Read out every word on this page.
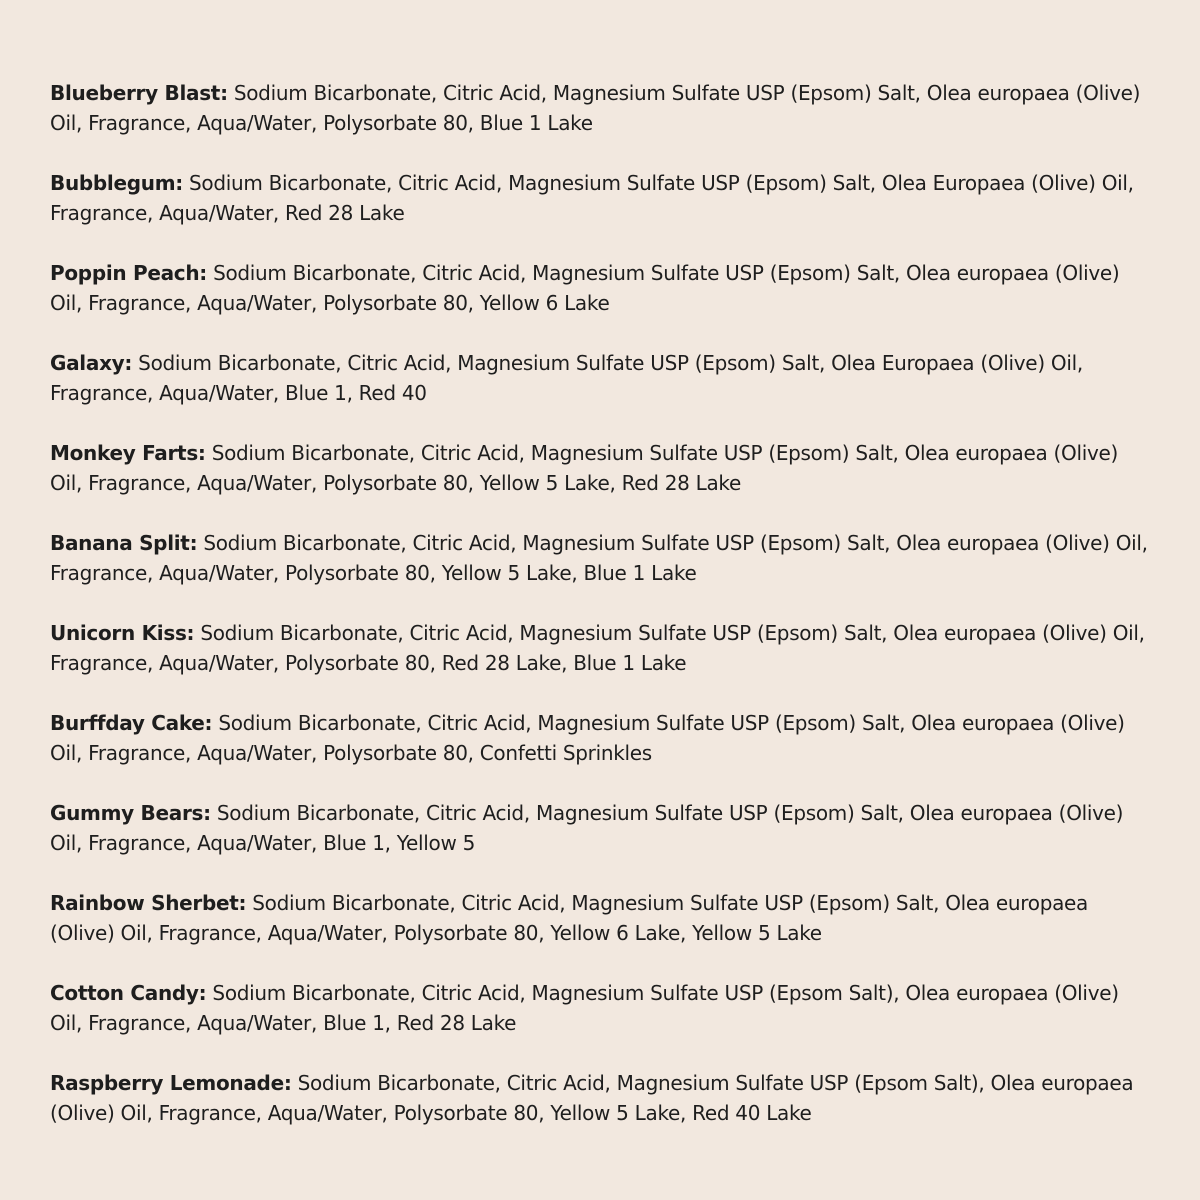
Blueberry Blast: Sodium Bicarbonate, Citric Acid, Magnesium Sulfate USP (Epsom) Salt, Olea europaea (Olive) Oil, Fragrance, Aqua/Water, Polysorbate 80, Blue 1 Lake
Bubblegum: Sodium Bicarbonate, Citric Acid, Magnesium Sulfate USP (Epsom) Salt, Olea Europaea (Olive) Oil, Fragrance, Aqua/Water, Red 28 Lake
Poppin Peach: Sodium Bicarbonate, Citric Acid, Magnesium Sulfate USP (Epsom) Salt, Olea europaea (Olive) Oil, Fragrance, Aqua/Water, Polysorbate 80, Yellow 6 Lake
Galaxy: Sodium Bicarbonate, Citric Acid, Magnesium Sulfate USP (Epsom) Salt, Olea Europaea (Olive) Oil, Fragrance, Aqua/Water, Blue 1, Red 40
Monkey Farts: Sodium Bicarbonate, Citric Acid, Magnesium Sulfate USP (Epsom) Salt, Olea europaea (Olive) Oil, Fragrance, Aqua/Water, Polysorbate 80, Yellow 5 Lake, Red 28 Lake
Banana Split: Sodium Bicarbonate, Citric Acid, Magnesium Sulfate USP (Epsom) Salt, Olea europaea (Olive) Oil, Fragrance, Aqua/Water, Polysorbate 80, Yellow 5 Lake, Blue 1 Lake
Unicorn Kiss: Sodium Bicarbonate, Citric Acid, Magnesium Sulfate USP (Epsom) Salt, Olea europaea (Olive) Oil, Fragrance, Aqua/Water, Polysorbate 80, Red 28 Lake, Blue 1 Lake
Burffday Cake: Sodium Bicarbonate, Citric Acid, Magnesium Sulfate USP (Epsom) Salt, Olea europaea (Olive) Oil, Fragrance, Aqua/Water, Polysorbate 80, Confetti Sprinkles
Gummy Bears: Sodium Bicarbonate, Citric Acid, Magnesium Sulfate USP (Epsom) Salt, Olea europaea (Olive) Oil, Fragrance, Aqua/Water, Blue 1, Yellow 5
Rainbow Sherbet: Sodium Bicarbonate, Citric Acid, Magnesium Sulfate USP (Epsom) Salt, Olea europaea (Olive) Oil, Fragrance, Aqua/Water, Polysorbate 80, Yellow 6 Lake, Yellow 5 Lake
Cotton Candy: Sodium Bicarbonate, Citric Acid, Magnesium Sulfate USP (Epsom Salt), Olea europaea (Olive) Oil, Fragrance, Aqua/Water, Blue 1, Red 28 Lake
Raspberry Lemonade: Sodium Bicarbonate, Citric Acid, Magnesium Sulfate USP (Epsom Salt), Olea europaea (Olive) Oil, Fragrance, Aqua/Water, Polysorbate 80, Yellow 5 Lake, Red 40 Lake
